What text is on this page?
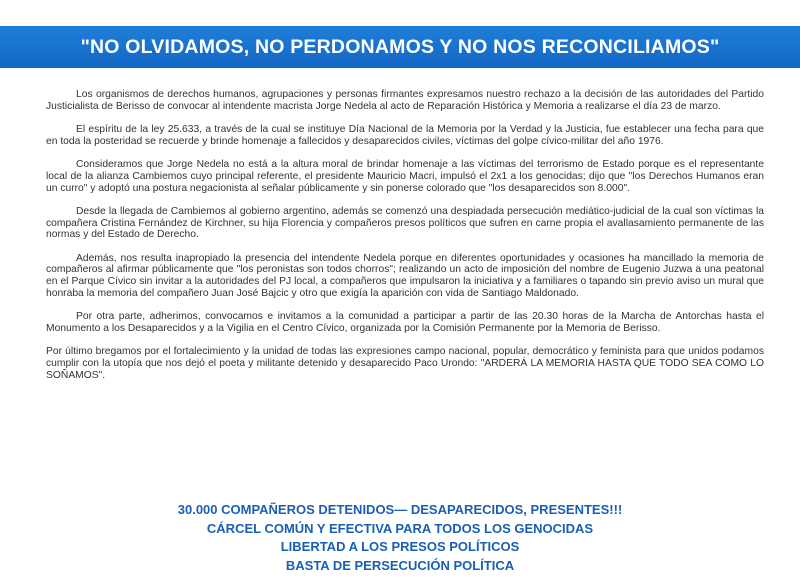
"NO OLVIDAMOS, NO PERDONAMOS Y NO NOS RECONCILIAMOS"

Los organismos de derechos humanos, agrupaciones y personas firmantes expresamos nuestro rechazo a la decisión de las autoridades del Partido Justicialista de Berisso de convocar al intendente macrista Jorge Nedela al acto de Reparación Histórica y Memoria a realizarse el día 23 de marzo.

El espíritu de la ley 25.633, a través de la cual se instituye Día Nacional de la Memoria por la Verdad y la Justicia, fue establecer una fecha para que en toda la posteridad se recuerde y brinde homenaje a fallecidos y desaparecidos civiles, víctimas del golpe cívico-militar del año 1976.

Consideramos que Jorge Nedela no está a la altura moral de brindar homenaje a las víctimas del terrorismo de Estado porque es el representante local de la alianza Cambiemos cuyo principal referente, el presidente Mauricio Macri, impulsó el 2x1 a los genocidas; dijo que "los Derechos Humanos eran un curro" y adoptó una postura negacionista al señalar públicamente y sin ponerse colorado que "los desaparecidos son 8.000".

Desde la llegada de Cambiemos al gobierno argentino, además se comenzó una despiadada persecución mediático-judicial de la cual son víctimas la compañera Cristina Fernández de Kirchner, su hija Florencia y compañeros presos políticos que sufren en carne propia el avallasamiento permanente de las normas y del Estado de Derecho.

Además, nos resulta inapropiado la presencia del intendente Nedela porque en diferentes oportunidades y ocasiones ha mancillado la memoria de compañeros al afirmar públicamente que "los peronistas son todos chorros"; realizando un acto de imposición del nombre de Eugenio Juzwa a una peatonal en el Parque Cívico sin invitar a la autoridades del PJ local, a compañeros que impulsaron la iniciativa y a familiares o tapando sin previo aviso un mural que honraba la memoria del compañero Juan José Bajcic y otro que exigía la aparición con vida de Santiago Maldonado.

Por otra parte, adherimos, convocamos e invitamos a la comunidad a participar a partir de las 20.30 horas de la Marcha de Antorchas hasta el Monumento a los Desaparecidos y a la Vigilia en el Centro Cívico, organizada por la Comisión Permanente por la Memoria de Berisso.

Por último bregamos por el fortalecimiento y la unidad de todas las expresiones campo nacional, popular, democrático y feminista para que unidos podamos cumplir con la utopía que nos dejó el poeta y militante detenido y desaparecido Paco Urondo: "ARDERÁ LA MEMORIA HASTA QUE TODO SEA COMO LO SOÑAMOS".

30.000 COMPAÑEROS DETENIDOS— DESAPARECIDOS, PRESENTES!!!
CÁRCEL COMÚN Y EFECTIVA PARA TODOS LOS GENOCIDAS
LIBERTAD A LOS PRESOS POLÍTICOS
BASTA DE PERSECUCIÓN POLÍTICA
